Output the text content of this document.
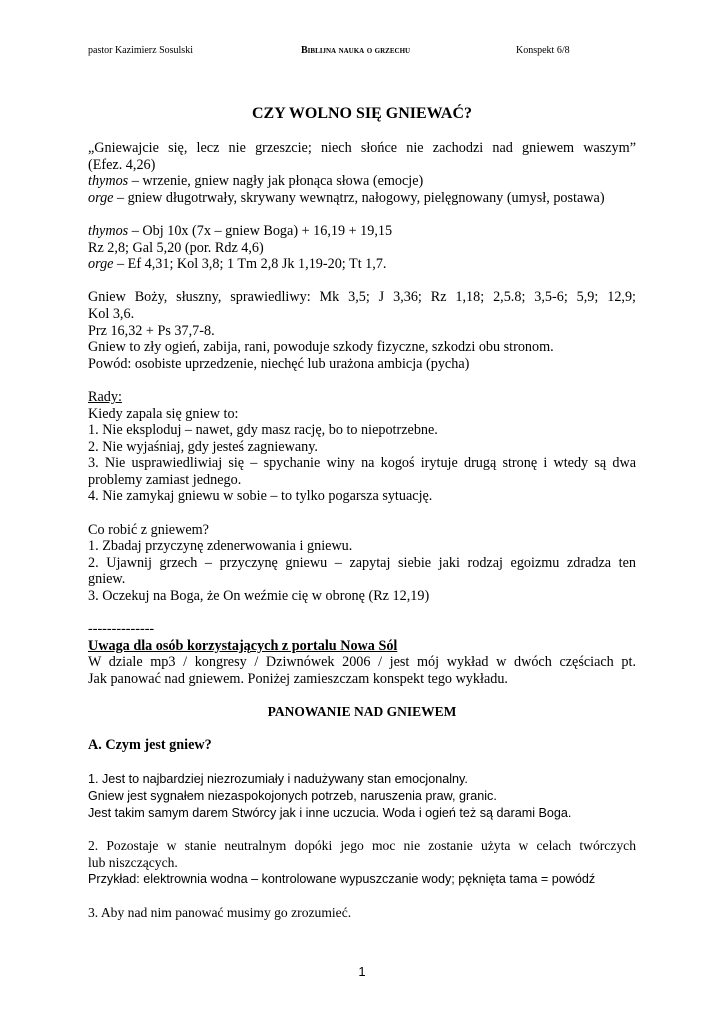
pastor Kazimierz Sosulski	Biblijna nauka o grzechu	Konspekt 6/8
CZY WOLNO SIĘ GNIEWAĆ?

„Gniewajcie się, lecz nie grzeszcie; niech słońce nie zachodzi nad gniewem waszym”

(Efez. 4,26)

thymos – wrzenie, gniew nagły jak płonąca słowa (emocje)

orge – gniew długotrwały, skrywany wewnątrz, nałogowy, pielęgnowany (umysł, postawa)

thymos – Obj 10x (7x – gniew Boga) + 16,19 + 19,15

Rz 2,8; Gal 5,20 (por. Rdz 4,6)

orge – Ef 4,31; Kol 3,8; 1 Tm 2,8 Jk 1,19-20; Tt 1,7.

Gniew Boży, słuszny, sprawiedliwy: Mk 3,5; J 3,36; Rz 1,18; 2,5.8; 3,5-6; 5,9; 12,9;

Kol 3,6.

Prz 16,32 + Ps 37,7-8.

Gniew to zły ogień, zabija, rani, powoduje szkody fizyczne, szkodzi obu stronom.

Powód: osobiste uprzedzenie, niechęć lub urażona ambicja (pycha)

Rady:

Kiedy zapala się gniew to:

1. Nie eksploduj – nawet, gdy masz rację, bo to niepotrzebne.

2. Nie wyjaśniaj, gdy jesteś zagniewany.

3. Nie usprawiedliwiaj się – spychanie winy na kogoś irytuje drugą stronę i wtedy są dwa

problemy zamiast jednego.

4. Nie zamykaj gniewu w sobie – to tylko pogarsza sytuację.

Co robić z gniewem?

1. Zbadaj przyczynę zdenerwowania i gniewu.

2. Ujawnij grzech – przyczynę gniewu – zapytaj siebie jaki rodzaj egoizmu zdradza ten

gniew.

3. Oczekuj na Boga, że On weźmie cię w obronę (Rz 12,19)

--------------

Uwaga dla osób korzystających z portalu Nowa Sól

W dziale mp3 / kongresy / Dziwnówek 2006 / jest mój wykład w dwóch częściach pt.

Jak panować nad gniewem. Poniżej zamieszczam konspekt tego wykładu.

PANOWANIE NAD GNIEWEM

A. Czym jest gniew?

1. Jest to najbardziej niezrozumiały i nadużywany stan emocjonalny.

Gniew jest sygnałem niezaspokojonych potrzeb, naruszenia praw, granic.

Jest takim samym darem Stwórcy jak i inne uczucia. Woda i ogień też są darami Boga.

2. Pozostaje w stanie neutralnym dopóki jego moc nie zostanie użyta w celach twórczych

lub niszczących.

Przykład: elektrownia wodna – kontrolowane wypuszczanie wody; pęknięta tama = powódź

3. Aby nad nim panować musimy go zrozumieć.

1
